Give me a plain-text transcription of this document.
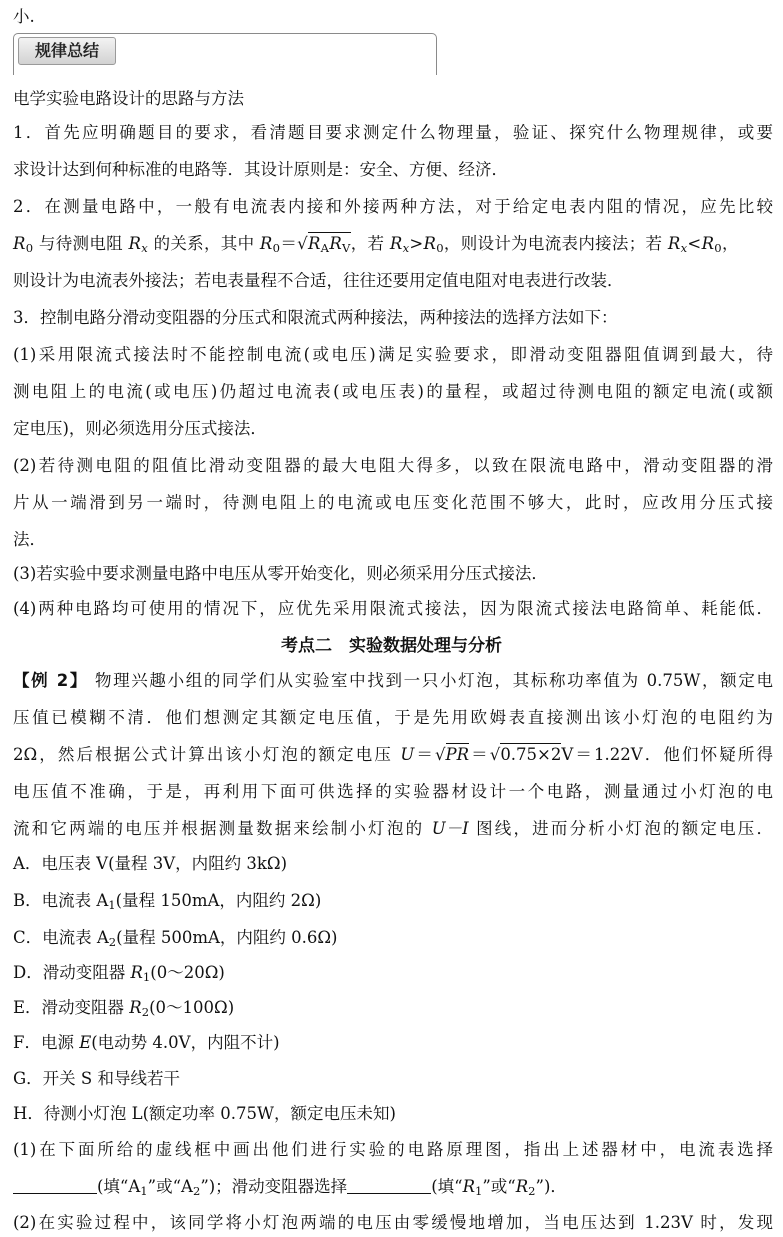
小.
规律总结
电学实验电路设计的思路与方法
1．首先应明确题目的要求，看清题目要求测定什么物理量，验证、探究什么物理规律，或要
求设计达到何种标准的电路等．其设计原则是：安全、方便、经济．
2．在测量电路中，一般有电流表内接和外接两种方法，对于给定电表内阻的情况，应先比较
$R_0$ 与待测电阻 $R_x$ 的关系，其中 $R_0=√R_AR_V$，若 $R_x>R_0$，则设计为电流表内接法；若 $R_x<R_0$，
则设计为电流表外接法；若电表量程不合适，往往还要用定值电阻对电表进行改装．
3．控制电路分滑动变阻器的分压式和限流式两种接法，两种接法的选择方法如下：
(1)采用限流式接法时不能控制电流(或电压)满足实验要求，即滑动变阻器阻值调到最大，待
测电阻上的电流(或电压)仍超过电流表(或电压表)的量程，或超过待测电阻的额定电流(或额
定电压)，则必须选用分压式接法．
(2)若待测电阻的阻值比滑动变阻器的最大电阻大得多，以致在限流电路中，滑动变阻器的滑
片从一端滑到另一端时，待测电阻上的电流或电压变化范围不够大，此时，应改用分压式接
法．
(3)若实验中要求测量电路中电压从零开始变化，则必须采用分压式接法．
(4)两种电路均可使用的情况下，应优先采用限流式接法，因为限流式接法电路简单、耗能低．
考点二　实验数据处理与分析
【例 2】 物理兴趣小组的同学们从实验室中找到一只小灯泡，其标称功率值为 0.75W，额定电
压值已模糊不清．他们想测定其额定电压值，于是先用欧姆表直接测出该小灯泡的电阻约为
2Ω，然后根据公式计算出该小灯泡的额定电压 U＝√PR＝√0.75×2V＝1.22V．他们怀疑所得
电压值不准确，于是，再利用下面可供选择的实验器材设计一个电路，测量通过小灯泡的电
流和它两端的电压并根据测量数据来绘制小灯泡的 U－I 图线，进而分析小灯泡的额定电压．
A．电压表 V(量程 3V，内阻约 3kΩ)
B．电流表 $A_1$(量程 150mA，内阻约 2Ω)
C．电流表 $A_2$(量程 500mA，内阻约 0.6Ω)
D．滑动变阻器 $R_1(0\sim 20\Omega)$
E．滑动变阻器 $R_2(0\sim 100\Omega)$
F．电源 E(电动势 4.0V，内阻不计)
G．开关 S 和导线若干
H．待测小灯泡 L(额定功率 0.75W，额定电压未知)
(1)在下面所给的虚线框中画出他们进行实验的电路原理图，指出上述器材中，电流表选择
(填“$A_1$”或“$A_2$”)；滑动变阻器选择	(填“$R_1$”或“$R_2$”)．
(2)在实验过程中，该同学将小灯泡两端的电压由零缓慢地增加，当电压达到 1.23V 时，发现
